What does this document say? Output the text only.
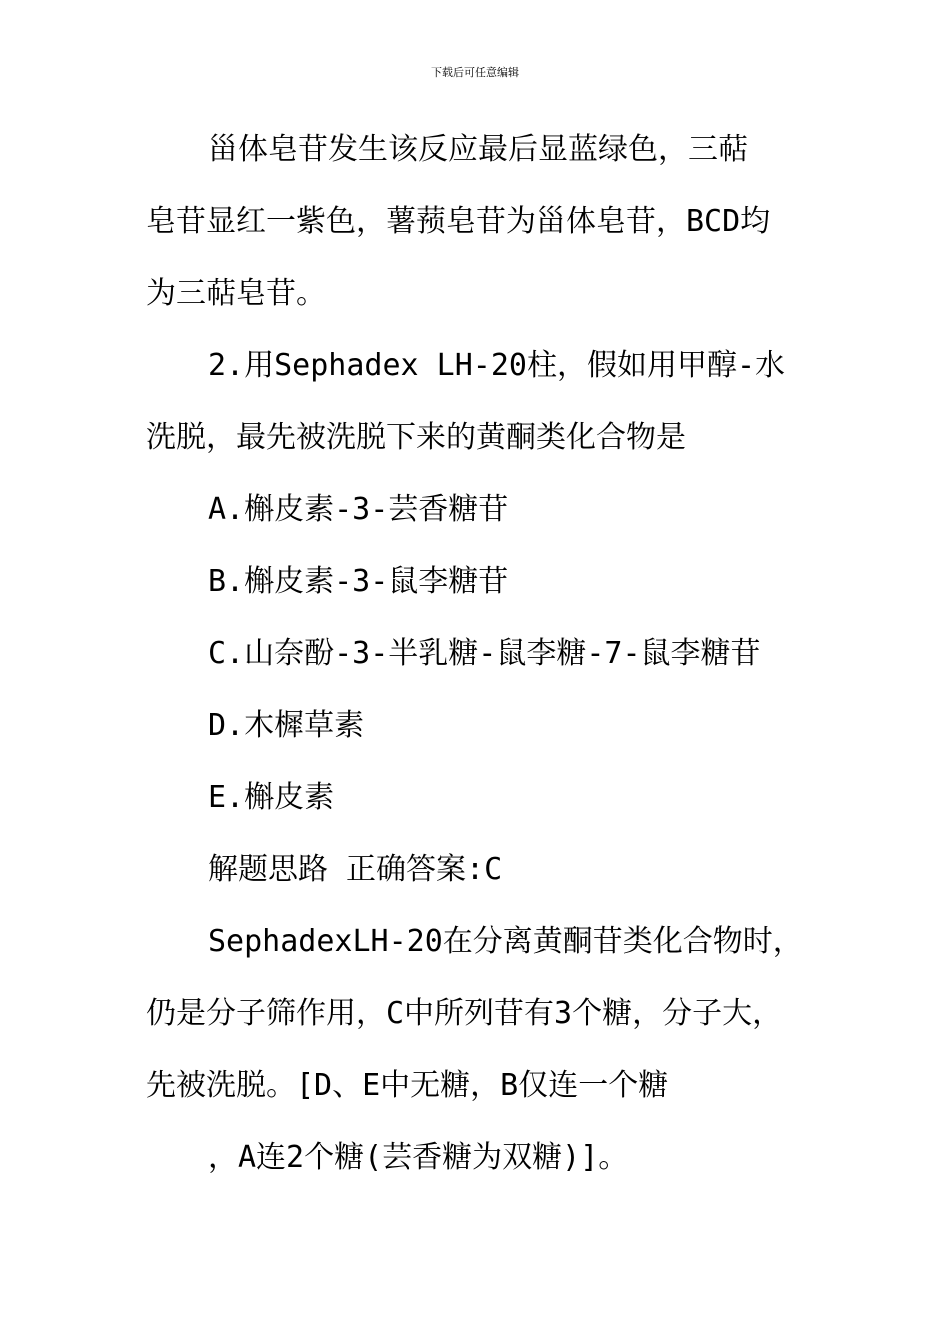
下载后可任意编辑

甾体皂苷发生该反应最后显蓝绿色，三萜

皂苷显红一紫色，薯蓣皂苷为甾体皂苷，BCD均

为三萜皂苷。

2.用Sephadex LH-20柱，假如用甲醇-水

洗脱，最先被洗脱下来的黄酮类化合物是

A.槲皮素-3-芸香糖苷

B.槲皮素-3-鼠李糖苷

C.山奈酚-3-半乳糖-鼠李糖-7-鼠李糖苷

D.木樨草素

E.槲皮素

解题思路 正确答案:C

SephadexLH-20在分离黄酮苷类化合物时，

仍是分子筛作用，C中所列苷有3个糖，分子大，

先被洗脱。[D、E中无糖，B仅连一个糖

，A连2个糖(芸香糖为双糖)]。
